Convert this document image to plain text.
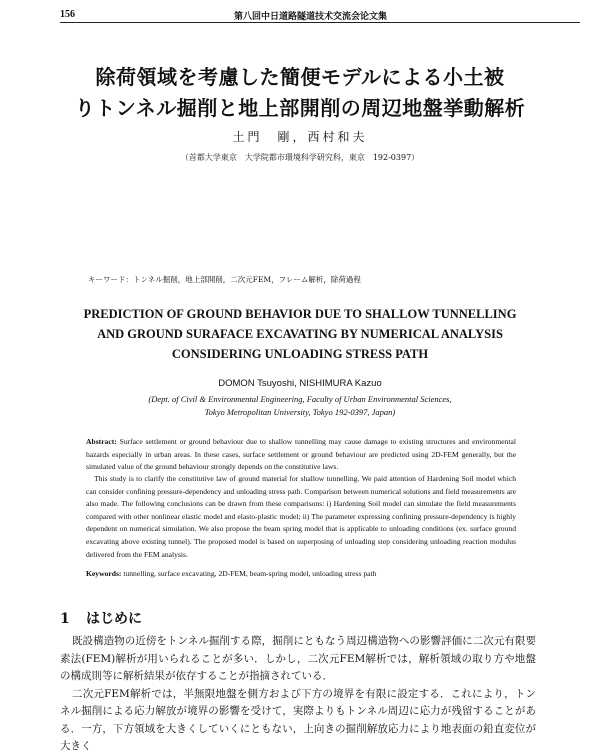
156	第八回中日道路隧道技术交流会论文集
除荷領域を考慮した簡便モデルによる小土被
りトンネル掘削と地上部開削の周辺地盤挙動解析
土門　剛，西村和夫
（首都大学東京　大学院都市環境科学研究科，東京　192-0397）
キーワード：トンネル掘削，地上部開削，二次元FEM，フレーム解析，除荷過程
PREDICTION OF GROUND BEHAVIOR DUE TO SHALLOW TUNNELLING
AND GROUND SURAFACE EXCAVATING BY NUMERICAL ANALYSIS
CONSIDERING UNLOADING STRESS PATH
DOMON Tsuyoshi, NISHIMURA Kazuo
(Dept. of Civil & Environmental Engineering, Faculty of Urban Environmental Sciences,
Tokyo Metropolitan University, Tokyo 192-0397, Japan)

Abstract: Surface settlement or ground behaviour due to shallow tunnelling may cause damage to existing structures and environmental hazards especially in urban areas. In these cases, surface settlement or ground behaviour are predicted using 2D-FEM generally, but the simulated value of the ground behaviour strongly depends on the constitutive laws.

This study is to clarify the constitutive law of ground material for shallow tunnelling. We paid attention of Hardening Soil model which can consider confining pressure-dependency and unloading stress path. Comparison between numerical solutions and field measurements are also made. The following conclusions can be drawn from these comparisons: i) Hardening Soil model can simulate the field measurements compared with other nonlinear elastic model and elasto-plastic model; ii) The parameter expressing confining pressure-dependency is highly dependent on numerical simulation. We also propose the beam spring model that is applicable to unloading conditions (ex. surface ground excavating above existing tunnel). The proposed model is based on superposing of unloading step considering unloading reaction modulus delivered from the FEM analysis.

Keywords: tunnelling, surface excavating, 2D-FEM, beam-spring model, unloading stress path
1 はじめに

既設構造物の近傍をトンネル掘削する際，掘削にともなう周辺構造物への影響評価に二次元有限要素法(FEM)解析が用いられることが多い．しかし，二次元FEM解析では，解析領域の取り方や地盤の構成則等に解析結果が依存することが指摘されている．

二次元FEM解析では，半無限地盤を側方および下方の境界を有限に設定する．これにより，トンネル掘削による応力解放が境界の影響を受けて，実際よりもトンネル周辺に応力が残留することがある．一方，下方領域を大きくしていくにともない，上向きの掘削解放応力により地表面の鉛直変位が大きく
